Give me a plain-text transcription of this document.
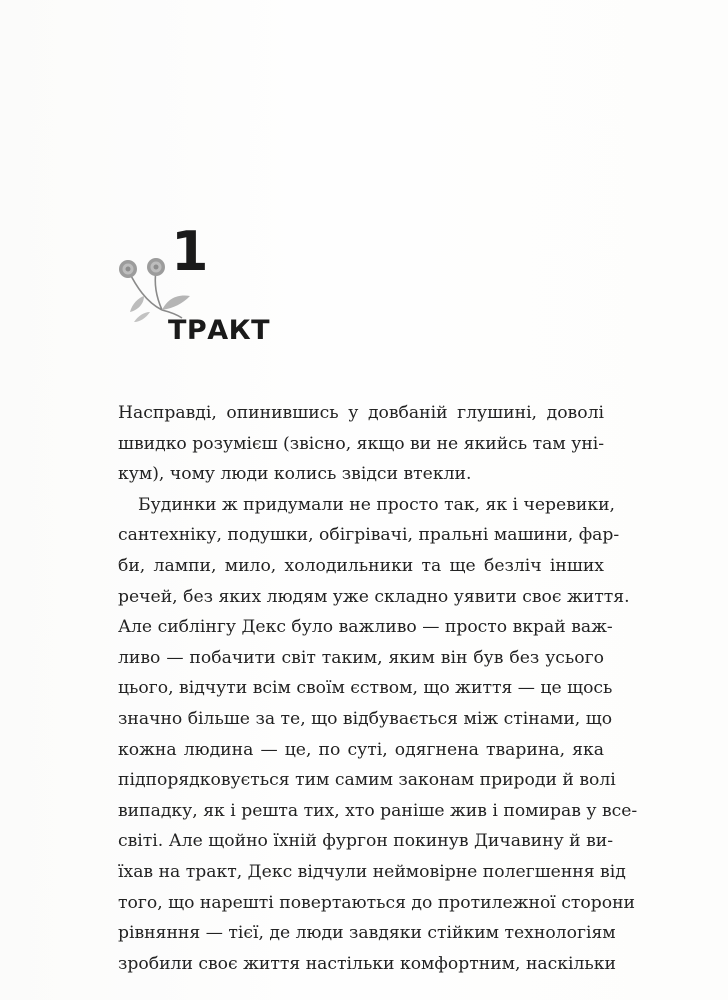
1
ТРАКТ
Насправді, опинившись у довбаній глушині, доволі
швидко розумієш (звісно, якщо ви не якийсь там уні-
кум), чому люди колись звідси втекли.
Будинки ж придумали не просто так, як і черевики,
сантехніку, подушки, обігрівачі, пральні машини, фар-
би, лампи, мило, холодильники та ще безліч інших
речей, без яких людям уже складно уявити своє життя.
Але сиблінгу Декс було важливо — просто вкрай важ-
ливо — побачити світ таким, яким він був без усього
цього, відчути всім своїм єством, що життя — це щось
значно більше за те, що відбувається між стінами, що
кожна людина — це, по суті, одягнена тварина, яка
підпорядковується тим самим законам природи й волі
випадку, як і решта тих, хто раніше жив і помирав у все-
світі. Але щойно їхній фургон покинув Дичавину й ви-
їхав на тракт, Декс відчули неймовірне полегшення від
того, що нарешті повертаються до протилежної сторони
рівняння — тієї, де люди завдяки стійким технологіям
зробили своє життя настільки комфортним, наскільки
